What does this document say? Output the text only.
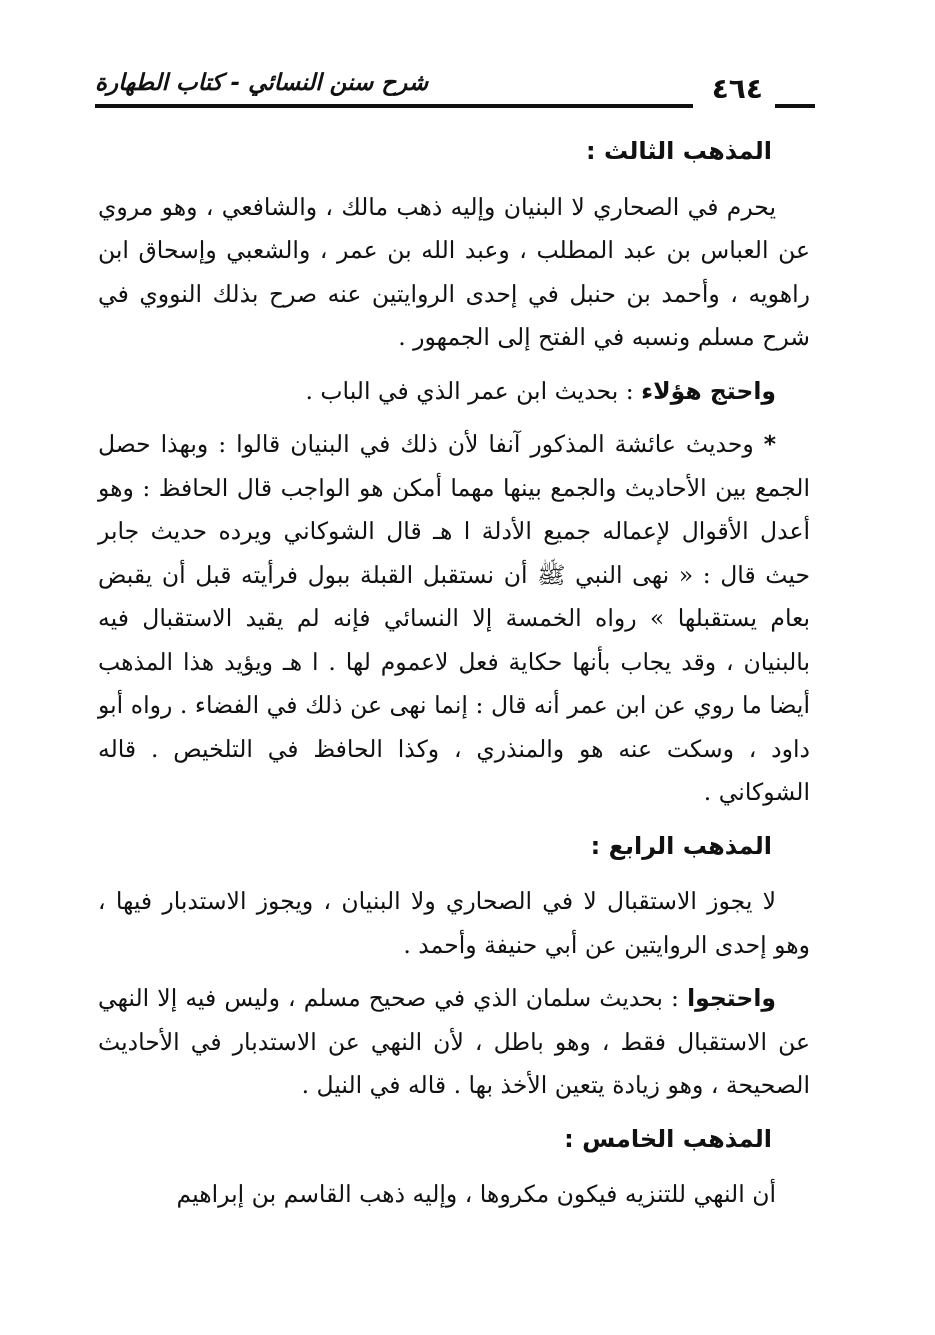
شرح سنن النسائي - كتاب الطهارة	٤٦٤
المذهب الثالث :

يحرم في الصحاري لا البنيان وإليه ذهب مالك ، والشافعي ، وهو مروي عن العباس بن عبد المطلب ، وعبد الله بن عمر ، والشعبي وإسحاق ابن راهويه ، وأحمد بن حنبل في إحدى الروايتين عنه صرح بذلك النووي في شرح مسلم ونسبه في الفتح إلى الجمهور .

واحتج هؤلاء : بحديث ابن عمر الذي في الباب .

* وحديث عائشة المذكور آنفا لأن ذلك في البنيان قالوا : وبهذا حصل الجمع بين الأحاديث والجمع بينها مهما أمكن هو الواجب قال الحافظ : وهو أعدل الأقوال لإعماله جميع الأدلة ا هـ قال الشوكاني ويرده حديث جابر حيث قال : « نهى النبي ﷺ أن نستقبل القبلة ببول فرأيته قبل أن يقبض بعام يستقبلها » رواه الخمسة إلا النسائي فإنه لم يقيد الاستقبال فيه بالبنيان ، وقد يجاب بأنها حكاية فعل لاعموم لها . ا هـ ويؤيد هذا المذهب أيضا ما روي عن ابن عمر أنه قال : إنما نهى عن ذلك في الفضاء . رواه أبو داود ، وسكت عنه هو والمنذري ، وكذا الحافظ في التلخيص . قاله الشوكاني .

المذهب الرابع :

لا يجوز الاستقبال لا في الصحاري ولا البنيان ، ويجوز الاستدبار فيها ، وهو إحدى الروايتين عن أبي حنيفة وأحمد .

واحتجوا : بحديث سلمان الذي في صحيح مسلم ، وليس فيه إلا النهي عن الاستقبال فقط ، وهو باطل ، لأن النهي عن الاستدبار في الأحاديث الصحيحة ، وهو زيادة يتعين الأخذ بها . قاله في النيل .

المذهب الخامس :

أن النهي للتنزيه فيكون مكروها ، وإليه ذهب القاسم بن إبراهيم
